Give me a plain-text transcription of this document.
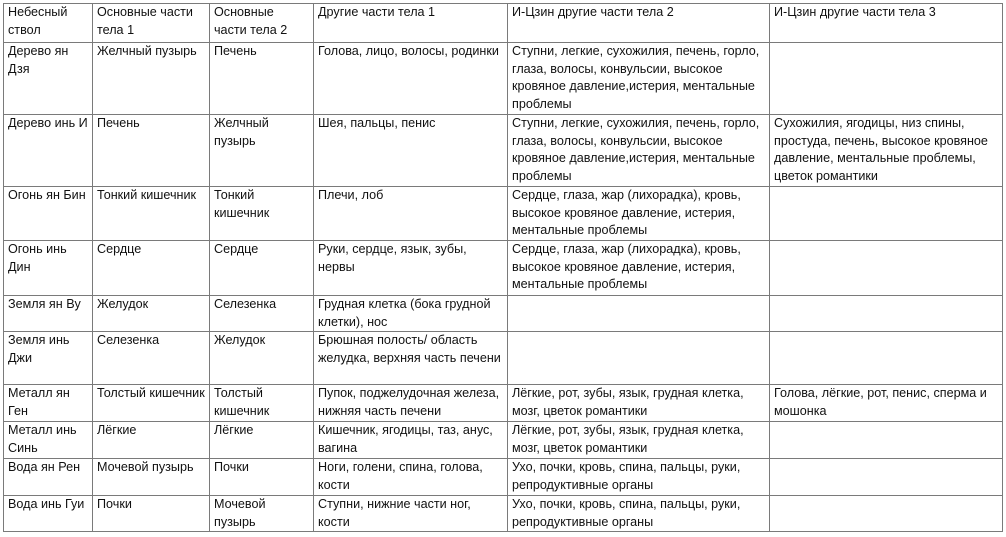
Небесный ствол	Основные части тела 1	Основные части тела 2	Другие части тела 1	И-Цзин другие части тела 2	И-Цзин другие части тела 3
Дерево ян Дзя	Желчный пузырь	Печень	Голова, лицо, волосы, родинки	Ступни, легкие, сухожилия, печень, горло, глаза, волосы, конвульсии, высокое кровяное давление,истерия, ментальные проблемы	
Дерево инь И	Печень	Желчный пузырь	Шея, пальцы, пенис	Ступни, легкие, сухожилия, печень, горло, глаза, волосы, конвульсии, высокое кровяное давление,истерия, ментальные проблемы	Сухожилия, ягодицы, низ спины, простуда, печень, высокое кровяное давление, ментальные проблемы, цветок романтики
Огонь ян Бин	Тонкий кишечник	Тонкий кишечник	Плечи, лоб	Сердце, глаза, жар (лихорадка), кровь, высокое кровяное давление, истерия, ментальные проблемы	
Огонь инь Дин	Сердце	Сердце	Руки, сердце, язык, зубы, нервы	Сердце, глаза, жар (лихорадка), кровь, высокое кровяное давление, истерия, ментальные проблемы	
Земля ян Ву	Желудок	Селезенка	Грудная клетка (бока грудной клетки), нос		
Земля инь Джи	Селезенка	Желудок	Брюшная полость/ область желудка, верхняя часть печени		
Металл ян Ген	Толстый кишечник	Толстый кишечник	Пупок, поджелудочная железа, нижняя часть печени	Лёгкие, рот, зубы, язык, грудная клетка, мозг, цветок романтики	Голова, лёгкие, рот, пенис, сперма и мошонка
Металл инь Синь	Лёгкие	Лёгкие	Кишечник, ягодицы, таз, анус, вагина	Лёгкие, рот, зубы, язык, грудная клетка, мозг, цветок романтики	
Вода ян Рен	Мочевой пузырь	Почки	Ноги, голени, спина, голова, кости	Ухо, почки, кровь, спина, пальцы, руки, репродуктивные органы	
Вода инь Гуи	Почки	Мочевой пузырь	Ступни, нижние части ног, кости	Ухо, почки, кровь, спина, пальцы, руки, репродуктивные органы	
